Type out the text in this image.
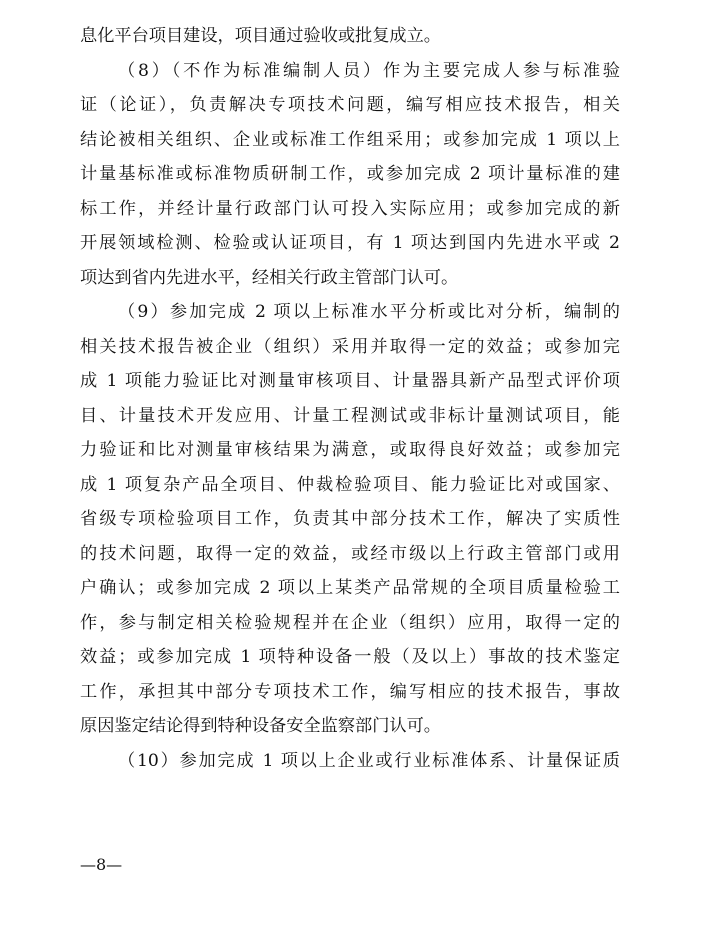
息化平台项目建设，项目通过验收或批复成立。
（8）（不作为标准编制人员）作为主要完成人参与标准验
证（论证），负责解决专项技术问题，编写相应技术报告，相关
结论被相关组织、企业或标准工作组采用；或参加完成 1 项以上
计量基标准或标准物质研制工作，或参加完成 2 项计量标准的建
标工作，并经计量行政部门认可投入实际应用；或参加完成的新
开展领域检测、检验或认证项目，有 1 项达到国内先进水平或 2
项达到省内先进水平，经相关行政主管部门认可。
（9）参加完成 2 项以上标准水平分析或比对分析，编制的
相关技术报告被企业（组织）采用并取得一定的效益；或参加完
成 1 项能力验证比对测量审核项目、计量器具新产品型式评价项
目、计量技术开发应用、计量工程测试或非标计量测试项目，能
力验证和比对测量审核结果为满意，或取得良好效益；或参加完
成 1 项复杂产品全项目、仲裁检验项目、能力验证比对或国家、
省级专项检验项目工作，负责其中部分技术工作，解决了实质性
的技术问题，取得一定的效益，或经市级以上行政主管部门或用
户确认；或参加完成 2 项以上某类产品常规的全项目质量检验工
作，参与制定相关检验规程并在企业（组织）应用，取得一定的
效益；或参加完成 1 项特种设备一般（及以上）事故的技术鉴定
工作，承担其中部分专项技术工作，编写相应的技术报告，事故
原因鉴定结论得到特种设备安全监察部门认可。
（10）参加完成 1 项以上企业或行业标准体系、计量保证质
—8—
